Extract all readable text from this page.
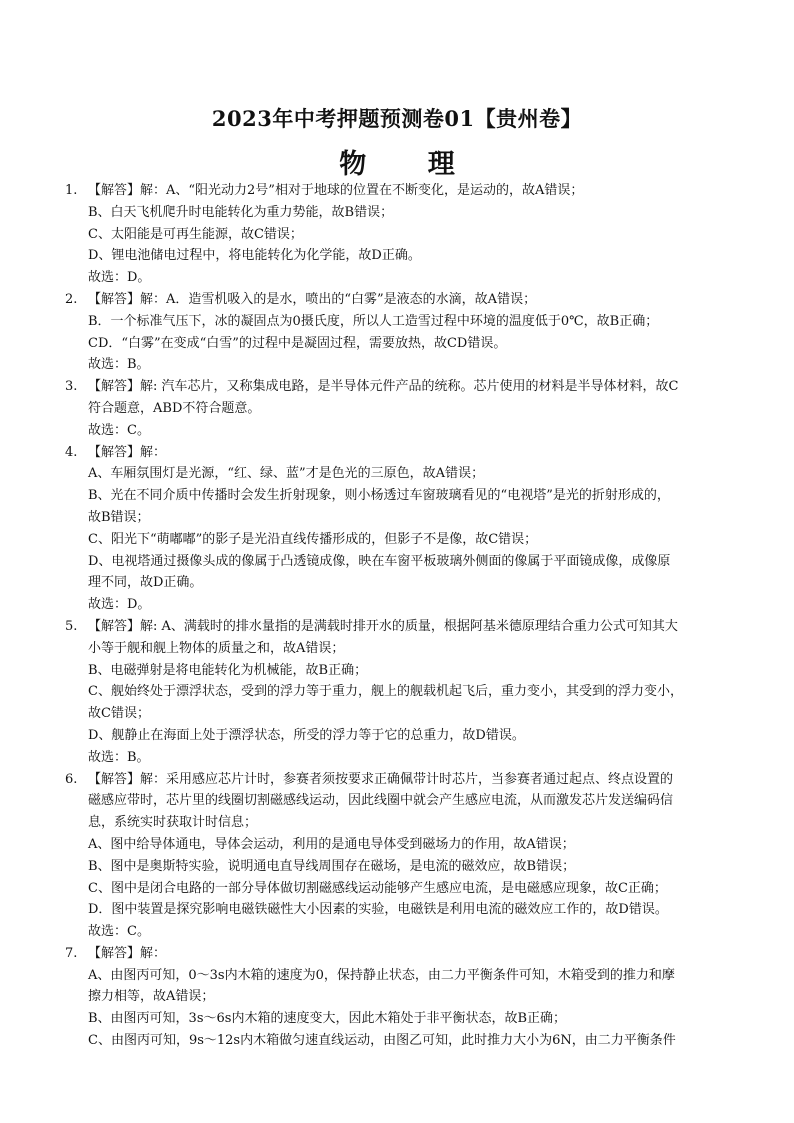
2023年中考押题预测卷01【贵州卷】
物 理
1. 【解答】解：A、“阳光动力2号”相对于地球的位置在不断变化，是运动的，故A错误；
B、白天飞机爬升时电能转化为重力势能，故B错误；
C、太阳能是可再生能源，故C错误；
D、锂电池储电过程中，将电能转化为化学能，故D正确。
故选：D。
2. 【解答】解：A．造雪机吸入的是水，喷出的“白雾”是液态的水滴，故A错误；
B．一个标准气压下，冰的凝固点为0摄氏度，所以人工造雪过程中环境的温度低于0℃，故B正确；
CD．“白雾”在变成“白雪”的过程中是凝固过程，需要放热，故CD错误。
故选：B。
3. 【解答】解: 汽车芯片，又称集成电路，是半导体元件产品的统称。芯片使用的材料是半导体材料，故C
符合题意，ABD不符合题意。
故选：C。
4. 【解答】解：
A、车厢氛围灯是光源，“红、绿、蓝”才是色光的三原色，故A错误；
B、光在不同介质中传播时会发生折射现象，则小杨透过车窗玻璃看见的“电视塔”是光的折射形成的，
故B错误；
C、阳光下“萌嘟嘟”的影子是光沿直线传播形成的，但影子不是像，故C错误；
D、电视塔通过摄像头成的像属于凸透镜成像，映在车窗平板玻璃外侧面的像属于平面镜成像，成像原
理不同，故D正确。
故选：D。
5. 【解答】解: A、满载时的排水量指的是满载时排开水的质量，根据阿基米德原理结合重力公式可知其大
小等于舰和舰上物体的质量之和，故A错误；
B、电磁弹射是将电能转化为机械能，故B正确；
C、舰始终处于漂浮状态，受到的浮力等于重力，舰上的舰载机起飞后，重力变小，其受到的浮力变小，
故C错误；
D、舰静止在海面上处于漂浮状态，所受的浮力等于它的总重力，故D错误。
故选：B。
6. 【解答】解：采用感应芯片计时，参赛者须按要求正确佩带计时芯片，当参赛者通过起点、终点设置的
磁感应带时，芯片里的线圈切割磁感线运动，因此线圈中就会产生感应电流，从而激发芯片发送编码信
息，系统实时获取计时信息；
A、图中给导体通电，导体会运动，利用的是通电导体受到磁场力的作用，故A错误；
B、图中是奥斯特实验，说明通电直导线周围存在磁场，是电流的磁效应，故B错误；
C、图中是闭合电路的一部分导体做切割磁感线运动能够产生感应电流，是电磁感应现象，故C正确；
D．图中装置是探究影响电磁铁磁性大小因素的实验，电磁铁是利用电流的磁效应工作的，故D错误。
故选：C。
7. 【解答】解：
A、由图丙可知，0～3s内木箱的速度为0，保持静止状态，由二力平衡条件可知，木箱受到的推力和摩
擦力相等，故A错误；
B、由图丙可知，3s～6s内木箱的速度变大，因此木箱处于非平衡状态，故B正确；
C、由图丙可知，9s～12s内木箱做匀速直线运动，由图乙可知，此时推力大小为6N，由二力平衡条件
